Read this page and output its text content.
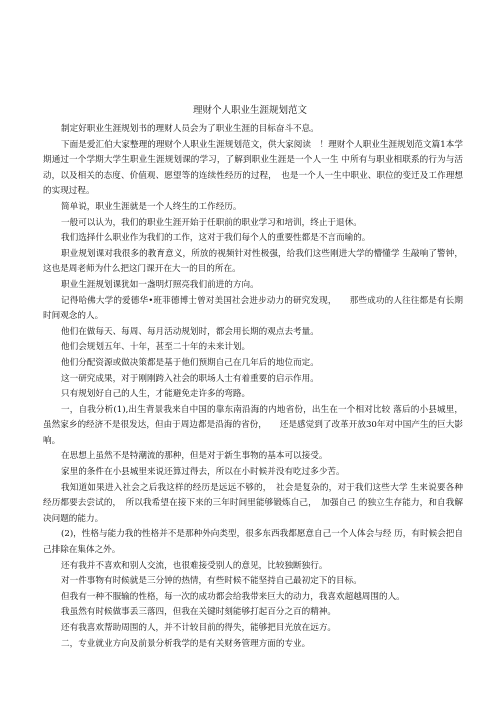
理财个人职业生涯规划范文

制定好职业生涯规划书的理财人员会为了职业生涯的目标奋斗不息。

下面是爱汇伯大家整理的理财个人职业生涯规划范文，供大家阅读　！理财个人职业生涯规划范文篇1本学期通过一个学期大学生职业生涯规划课的学习，了解到职业生涯是一个人一生 中所有与职业相联系的行为与活动，以及相关的态度、价值观、愿望等的连续性经历的过程，　也是一个人一生中职业、职位的变迁及工作理想的实现过程。

简单说，职业生涯就是一个人终生的工作经历。

一般可以认为，我们的职业生涯开始于任职前的职业学习和培训，终止于退休。

我们选择什么职业作为我们的工作，这对于我们每个人的重要性都是不言而喻的。

职业规划课对我很多的教育意义，所放的视频针对性极强，给我们这些刚进大学的懵懂学 生敲响了警钟，这也是周老师为什么把这门课开在大一的目的所在。

职业生涯规划课犹如一盏明灯照亮我们前进的方向。

记得哈佛大学的爱德华•班菲德博士曾对美国社会进步动力的研究发现，　　那些成功的人往往都是有长期时间观念的人。

他们在做每天、每周、每月活动规划时，都会用长期的观点去考量。

他们会规划五年、十年，甚至二十年的未来计划。

他们分配资源或做决策都是基于他们预期自己在几年后的地位而定。

这一研究成果，对于刚刚跨入社会的职场人士有着重要的启示作用。

只有规划好自己的人生，才能避免走许多的弯路。

一，自我分析(1),出生背景我来自中国的靠东南沿海的内地省份，出生在一个相对比较 落后的小县城里，虽然家乡的经济不是很发达，但由于周边都是沿海的省份，　　还是感觉到了改革开放30年对中国产生的巨大影响。

在思想上虽然不是特潮流的那种，但是对于新生事物的基本可以接受。

家里的条件在小县城里来说还算过得去，所以在小时候并没有吃过多少苦。

我知道如果进入社会之后我这样的经历是远远不够的，　社会是复杂的，对于我们这些大学 生来说要各种经历都要去尝试的，　所以我希望在接下来的三年时间里能够锻炼自己，　加强自己 的独立生存能力，和自我解决问题的能力。

(2)，性格与能力我的性格并不是那种外向类型，很多东西我都愿意自己一个人体会与经 历，有时候会把自己排除在集体之外。

还有我并不喜欢和别人交流，也很难接受别人的意见，比较独断独行。

对一件事物有时候就是三分钟的热情，有些时候不能坚持自己最初定下的目标。

但我有一种不服输的性格，每一次的成功都会给我带来巨大的动力，我喜欢超越周围的人。

我虽然有时候做事丢三落四，但我在关键时刻能够打起百分之百的精神。

还有我喜欢帮助周围的人，并不计较目前的得失，能够把目光放在远方。

二，专业就业方向及前景分析我学的是有关财务管理方面的专业。
